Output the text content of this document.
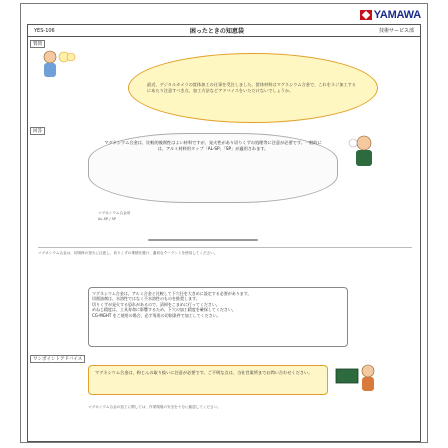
YAMAWA
YES-106	困ったときの知恵袋	技術サービス部
質問
最近、デジタルカメラの筐体加工の仕事を受注しました。筐体材料はマグネシウム合金で、これをネジ加工するにあたり注意すべき点、加工方法などアドバイスをいただけないでしょうか。
回答
マグネシウム合金は、比較的被削性はよい材料ですが、発火性があり切りくずの処理等に注意が必要です。一般的には、アルミ材料用タップ「AL-SP」「SP」が適用されます。
マグネシウム合金用
AL-SP / SP
マグネシウム合金は、切削時の発火に注意し、切りくずの堆積を避け、適切なクーラントを使用してください。
マグネシウム合金は、アルミ合金と比較して下穴径を大きめに設定する必要があります。
切削油剤は、水溶性ではなく不水溶性のものを推奨します。
切りくずが発火する恐れがあるので、清掃をこまめに行ってください。
めねじ精度は、工具寿命に影響するため、下穴の加工精度を確保してください。
CG-MGHT をご使用の場合、必ず専用の切削条件で加工してください。
ワンポイントアドバイス
マグネシウム合金は、粉じんの取り扱いに注意が必要です。ご不明な点は、当社営業所までお問い合わせください。
マグネシウム合金の加工に関しては、作業環境の安全を十分に確認してください。
